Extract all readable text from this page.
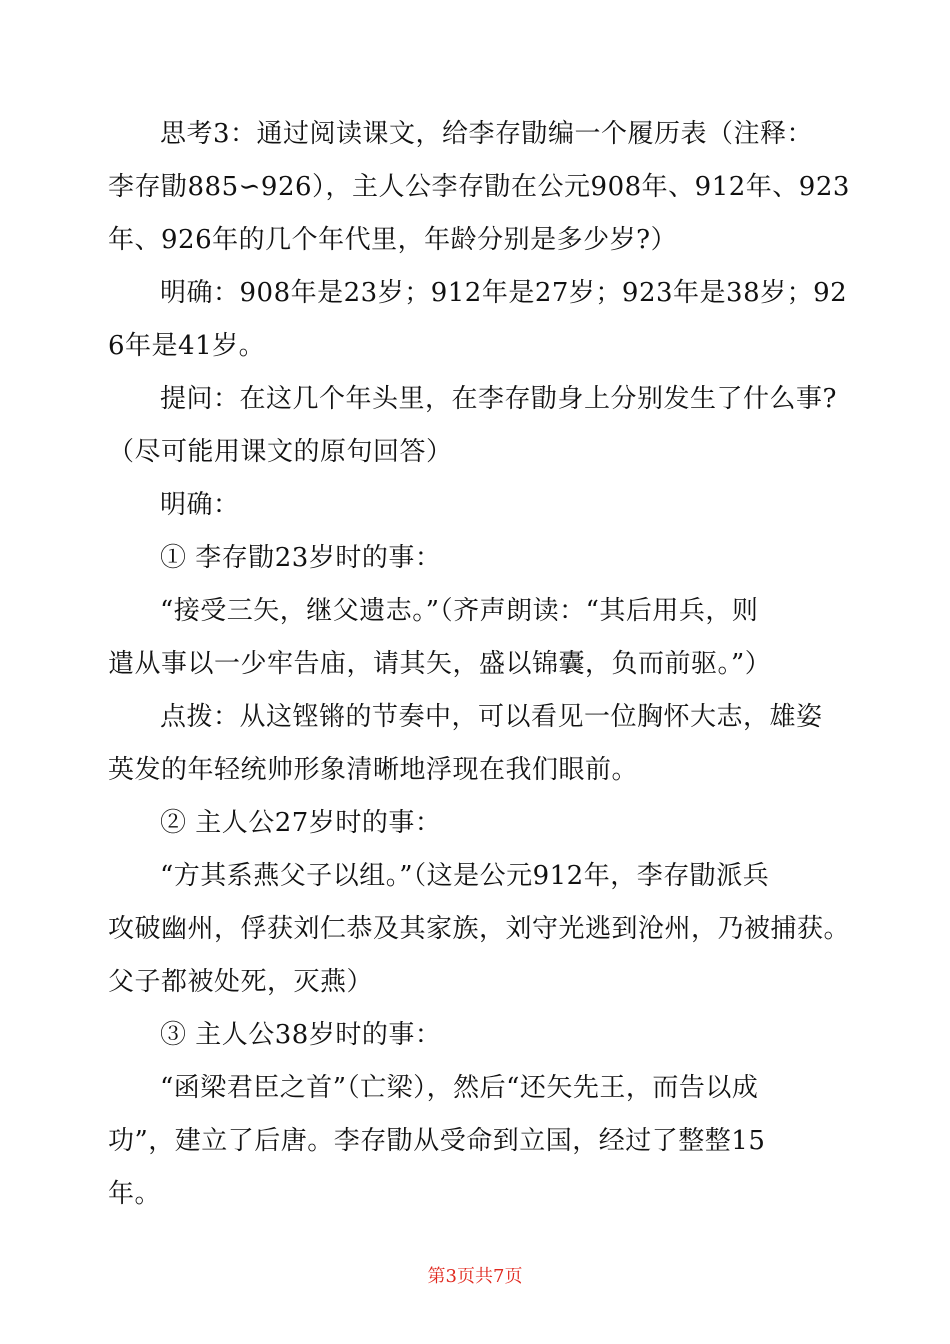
思考3：通过阅读课文，给李存勖编一个履历表（注释：
李存勖885∽926），主人公李存勖在公元908年、912年、923
年、926年的几个年代里，年龄分别是多少岁?）
明确：908年是23岁；912年是27岁；923年是38岁；92
6年是41岁。
提问：在这几个年头里，在李存勖身上分别发生了什么事?
（尽可能用课文的原句回答）
明确：
① 李存勖23岁时的事：
“接受三矢，继父遗志。”（齐声朗读：“其后用兵，则
遣从事以一少牢告庙，请其矢，盛以锦囊，负而前驱。”）
点拨：从这铿锵的节奏中，可以看见一位胸怀大志，雄姿
英发的年轻统帅形象清晰地浮现在我们眼前。
② 主人公27岁时的事：
“方其系燕父子以组。”（这是公元912年，李存勖派兵
攻破幽州，俘获刘仁恭及其家族，刘守光逃到沧州，乃被捕获。
父子都被处死，灭燕）
③ 主人公38岁时的事：
“函梁君臣之首”（亡梁），然后“还矢先王，而告以成
功”，建立了后唐。李存勖从受命到立国，经过了整整15
年。
第3页共7页
